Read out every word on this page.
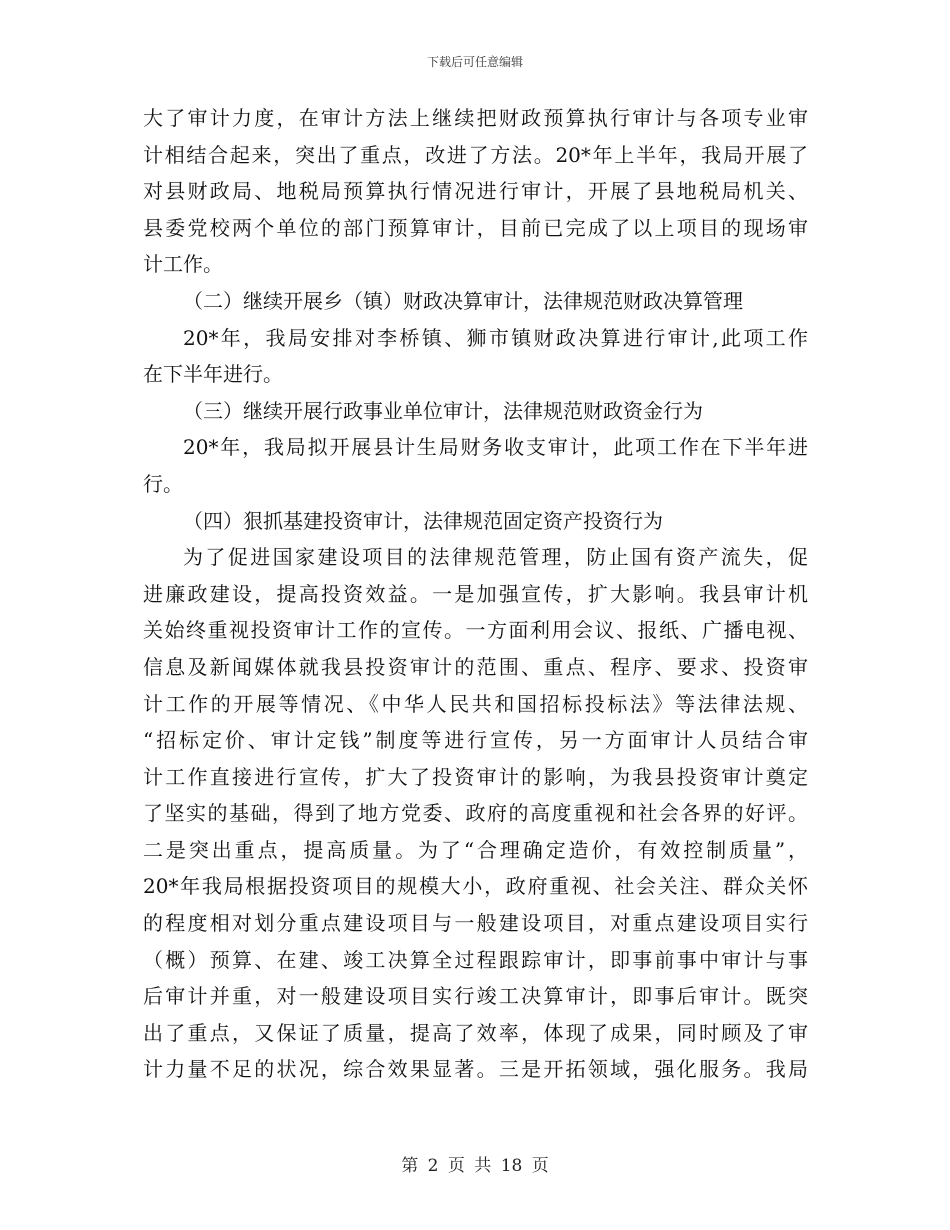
下载后可任意编辑
大了审计力度，在审计方法上继续把财政预算执行审计与各项专业审
计相结合起来，突出了重点，改进了方法。20*年上半年，我局开展了
对县财政局、地税局预算执行情况进行审计，开展了县地税局机关、
县委党校两个单位的部门预算审计，目前已完成了以上项目的现场审
计工作。
（二）继续开展乡（镇）财政决算审计，法律规范财政决算管理
20*年，我局安排对李桥镇、狮市镇财政决算进行审计,此项工作
在下半年进行。
（三）继续开展行政事业单位审计，法律规范财政资金行为
20*年，我局拟开展县计生局财务收支审计，此项工作在下半年进
行。
（四）狠抓基建投资审计，法律规范固定资产投资行为
为了促进国家建设项目的法律规范管理，防止国有资产流失，促
进廉政建设，提高投资效益。一是加强宣传，扩大影响。我县审计机
关始终重视投资审计工作的宣传。一方面利用会议、报纸、广播电视、
信息及新闻媒体就我县投资审计的范围、重点、程序、要求、投资审
计工作的开展等情况、《中华人民共和国招标投标法》等法律法规、
“招标定价、审计定钱”制度等进行宣传，另一方面审计人员结合审
计工作直接进行宣传，扩大了投资审计的影响，为我县投资审计奠定
了坚实的基础，得到了地方党委、政府的高度重视和社会各界的好评。
二是突出重点，提高质量。为了“合理确定造价，有效控制质量”，
20*年我局根据投资项目的规模大小，政府重视、社会关注、群众关怀
的程度相对划分重点建设项目与一般建设项目，对重点建设项目实行
（概）预算、在建、竣工决算全过程跟踪审计，即事前事中审计与事
后审计并重，对一般建设项目实行竣工决算审计，即事后审计。既突
出了重点，又保证了质量，提高了效率，体现了成果，同时顾及了审
计力量不足的状况，综合效果显著。三是开拓领域，强化服务。我局
第 2 页 共 18 页
